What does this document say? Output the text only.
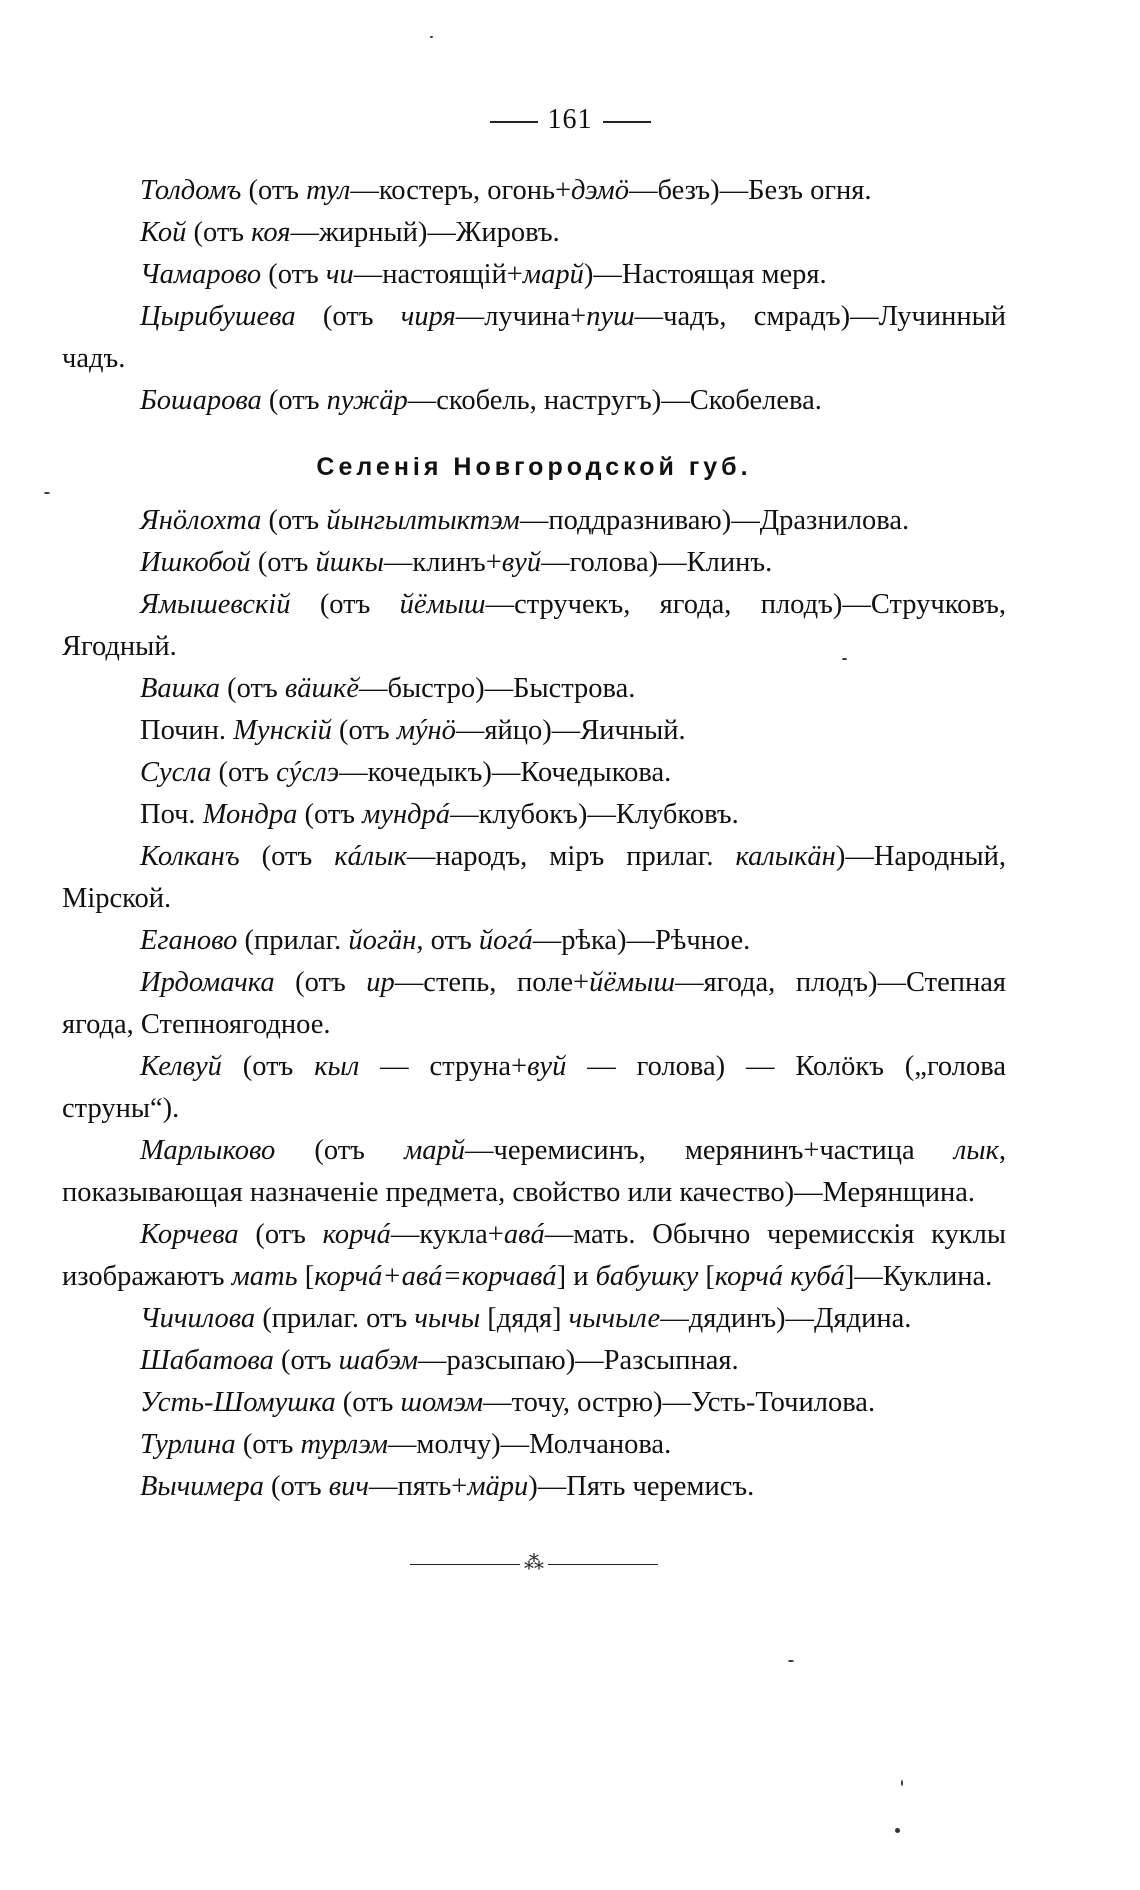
161

Толдомъ (отъ тул—костеръ, огонь+дэмӧ—безъ)—Безъ огня.

Кой (отъ коя—жирный)—Жировъ.

Чамарово (отъ чи—настоящій+марй)—Настоящая меря.

Цырибушева (отъ чиря—лучина+пуш—чадъ, смрадъ)—Лучинный чадъ.

Бошарова (отъ пужäр—скобель, настругъ)—Скобелева.

Селенія Новгородской губ.

Янӧлохта (отъ йынгылтыктэм—поддразниваю)—Дразнилова.

Ишкобой (отъ йшкы—клинъ+вуй—голова)—Клинъ.

Ямышевскій (отъ йёмыш—стручекъ, ягода, плодъ)—Стручковъ, Ягодный.

Вашка (отъ вäшкӗ—быстро)—Быстрова.

Почин. Мунскій (отъ мýнӧ—яйцо)—Яичный.

Сусла (отъ сýслэ—кочедыкъ)—Кочедыкова.

Поч. Мондра (отъ мундрá—клубокъ)—Клубковъ.

Колканъ (отъ кáлык—народъ, міръ прилаг. калыкäн)—Народный, Мірской.

Еганово (прилаг. йогäн, отъ йогá—рѣка)—Рѣчное.

Ирдомачка (отъ ир—степь, поле+йёмыш—ягода, плодъ)—Степная ягода, Степноягодное.

Келвуй (отъ кыл — струна+вуй — голова) — Колӧкъ („голова струны“).

Марлыково (отъ марй—черемисинъ, мерянинъ+частица лык, показывающая назначеніе предмета, свойство или качество)—Мерянщина.

Корчева (отъ корчá—кукла+авá—мать. Обычно черемисскія куклы изображаютъ мать [корчá+авá=корчавá] и бабушку [корчá кубá]—Куклина.

Чичилова (прилаг. отъ чычы [дядя] чычыле—дядинъ)—Дядина.

Шабатова (отъ шабэм—разсыпаю)—Разсыпная.

Усть-Шомушка (отъ шомэм—точу, острю)—Усть-Точилова.

Турлина (отъ турлэм—молчу)—Молчанова.

Вычимера (отъ вич—пять+мäри)—Пять черемисъ.

⁂
